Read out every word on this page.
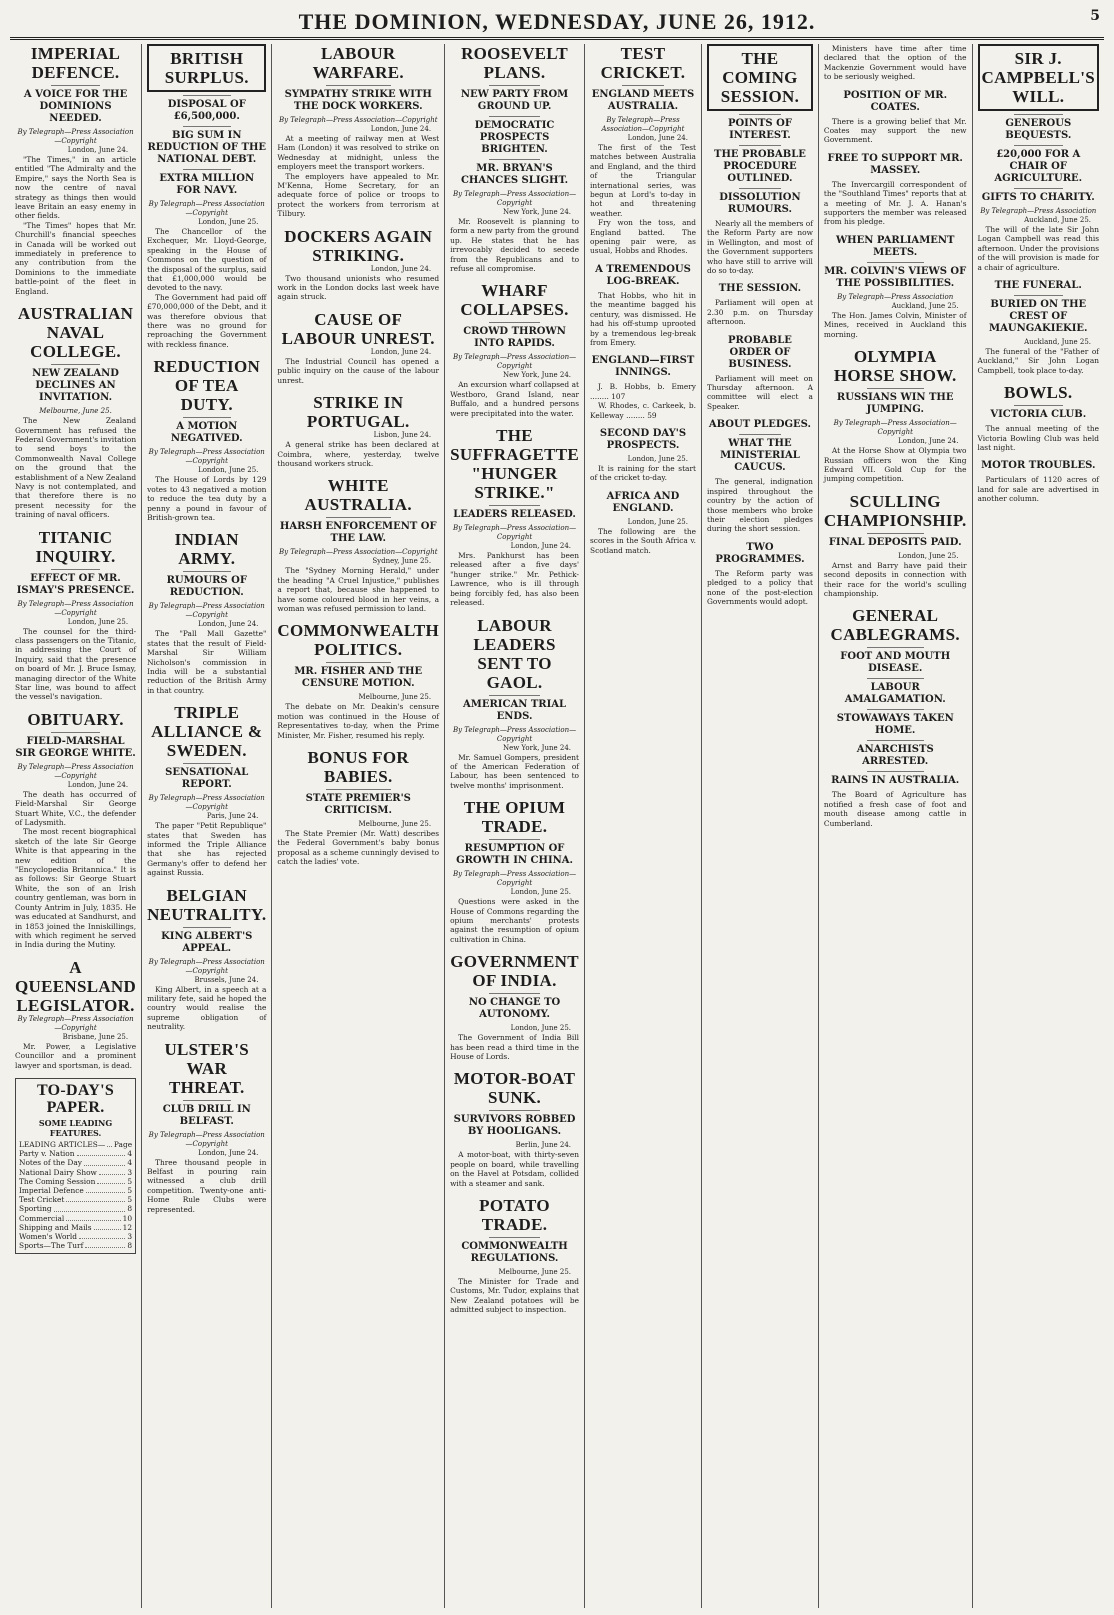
THE DOMINION, WEDNESDAY, JUNE 26, 1912.	5
IMPERIAL DEFENCE.
A VOICE FOR THE DOMINIONS NEEDED.
By Telegraph—Press Association—Copyright
London, June 24.

"The Times," in an article entitled "The Admiralty and the Empire," says the North Sea is now the centre of naval strategy as things then would leave Britain an easy enemy in other fields.

"The Times" hopes that Mr. Churchill's financial speeches in Canada will be worked out immediately in preference to any contribution from the Dominions to the immediate battle-point of the fleet in England.

AUSTRALIAN NAVAL COLLEGE.
NEW ZEALAND DECLINES AN INVITATION.
Melbourne, June 25.

The New Zealand Government has refused the Federal Government's invitation to send boys to the Commonwealth Naval College on the ground that the establishment of a New Zealand Navy is not contemplated, and that therefore there is no present necessity for the training of naval officers.

TITANIC INQUIRY.
EFFECT OF MR. ISMAY'S PRESENCE.
By Telegraph—Press Association—Copyright
London, June 25.

The counsel for the third-class passengers on the Titanic, in addressing the Court of Inquiry, said that the presence on board of Mr. J. Bruce Ismay, managing director of the White Star line, was bound to affect the vessel's navigation.

OBITUARY.
FIELD-MARSHAL SIR GEORGE WHITE.
By Telegraph—Press Association—Copyright
London, June 24.

The death has occurred of Field-Marshal Sir George Stuart White, V.C., the defender of Ladysmith.

The most recent biographical sketch of the late Sir George White is that appearing in the new edition of the "Encyclopedia Britannica." It is as follows: Sir George Stuart White, the son of an Irish country gentleman, was born in County Antrim in July, 1835. He was educated at Sandhurst, and in 1853 joined the Inniskillings, with which regiment he served in India during the Mutiny.

A QUEENSLAND LEGISLATOR.
By Telegraph—Press Association—Copyright
Brisbane, June 25.

Mr. Power, a Legislative Councillor and a prominent lawyer and sportsman, is dead.

TO-DAY'S PAPER.
SOME LEADING FEATURES.
LEADING ARTICLES— Page
Party v. Nation	4
Notes of the Day	4
National Dairy Show	3
The Coming Session	5
Imperial Defence	5
Test Cricket	5
Sporting	8
Commercial	10
Shipping and Mails	12
Women's World	3
Sports—The Turf	8
BRITISH SURPLUS.
DISPOSAL OF £6,500,000.
BIG SUM IN REDUCTION OF THE NATIONAL DEBT.
EXTRA MILLION FOR NAVY.
By Telegraph—Press Association—Copyright
London, June 25.

The Chancellor of the Exchequer, Mr. Lloyd-George, speaking in the House of Commons on the question of the disposal of the surplus, said that £1,000,000 would be devoted to the navy.

The Government had paid off £70,000,000 of the Debt, and it was therefore obvious that there was no ground for reproaching the Government with reckless finance.

REDUCTION OF TEA DUTY.
A MOTION NEGATIVED.
By Telegraph—Press Association—Copyright
London, June 25.

The House of Lords by 129 votes to 43 negatived a motion to reduce the tea duty by a penny a pound in favour of British-grown tea.

INDIAN ARMY.
RUMOURS OF REDUCTION.
By Telegraph—Press Association—Copyright
London, June 24.

The "Pall Mall Gazette" states that the result of Field-Marshal Sir William Nicholson's commission in India will be a substantial reduction of the British Army in that country.

TRIPLE ALLIANCE & SWEDEN.
SENSATIONAL REPORT.
By Telegraph—Press Association—Copyright
Paris, June 24.

The paper "Petit Republique" states that Sweden has informed the Triple Alliance that she has rejected Germany's offer to defend her against Russia.

BELGIAN NEUTRALITY.
KING ALBERT'S APPEAL.
By Telegraph—Press Association—Copyright
Brussels, June 24.

King Albert, in a speech at a military fete, said he hoped the country would realise the supreme obligation of neutrality.

ULSTER'S WAR THREAT.
CLUB DRILL IN BELFAST.
By Telegraph—Press Association—Copyright
London, June 24.

Three thousand people in Belfast in pouring rain witnessed a club drill competition. Twenty-one anti-Home Rule Clubs were represented.

LABOUR WARFARE.
SYMPATHY STRIKE WITH THE DOCK WORKERS.
By Telegraph—Press Association—Copyright
London, June 24.

At a meeting of railway men at West Ham (London) it was resolved to strike on Wednesday at midnight, unless the employers meet the transport workers.

The employers have appealed to Mr. M'Kenna, Home Secretary, for an adequate force of police or troops to protect the workers from terrorism at Tilbury.

DOCKERS AGAIN STRIKING.
London, June 24.

Two thousand unionists who resumed work in the London docks last week have again struck.

CAUSE OF LABOUR UNREST.
London, June 24.

The Industrial Council has opened a public inquiry on the cause of the labour unrest.

STRIKE IN PORTUGAL.
Lisbon, June 24.

A general strike has been declared at Coimbra, where, yesterday, twelve thousand workers struck.

WHITE AUSTRALIA.
HARSH ENFORCEMENT OF THE LAW.
By Telegraph—Press Association—Copyright
Sydney, June 25.

The "Sydney Morning Herald," under the heading "A Cruel Injustice," publishes a report that, because she happened to have some coloured blood in her veins, a woman was refused permission to land.

COMMONWEALTH POLITICS.
MR. FISHER AND THE CENSURE MOTION.
Melbourne, June 25.

The debate on Mr. Deakin's censure motion was continued in the House of Representatives to-day, when the Prime Minister, Mr. Fisher, resumed his reply.

BONUS FOR BABIES.
STATE PREMIER'S CRITICISM.
Melbourne, June 25.

The State Premier (Mr. Watt) describes the Federal Government's baby bonus proposal as a scheme cunningly devised to catch the ladies' vote.

ROOSEVELT PLANS.
NEW PARTY FROM GROUND UP.
DEMOCRATIC PROSPECTS BRIGHTEN.
MR. BRYAN'S CHANCES SLIGHT.
By Telegraph—Press Association—Copyright
New York, June 24.

Mr. Roosevelt is planning to form a new party from the ground up. He states that he has irrevocably decided to secede from the Republicans and to refuse all compromise.

WHARF COLLAPSES.
CROWD THROWN INTO RAPIDS.
By Telegraph—Press Association—Copyright
New York, June 24.

An excursion wharf collapsed at Westboro, Grand Island, near Buffalo, and a hundred persons were precipitated into the water.

THE SUFFRAGETTE "HUNGER STRIKE."
LEADERS RELEASED.
By Telegraph—Press Association—Copyright
London, June 24.

Mrs. Pankhurst has been released after a five days' "hunger strike." Mr. Pethick-Lawrence, who is ill through being forcibly fed, has also been released.

LABOUR LEADERS SENT TO GAOL.
AMERICAN TRIAL ENDS.
By Telegraph—Press Association—Copyright
New York, June 24.

Mr. Samuel Gompers, president of the American Federation of Labour, has been sentenced to twelve months' imprisonment.

THE OPIUM TRADE.
RESUMPTION OF GROWTH IN CHINA.
By Telegraph—Press Association—Copyright
London, June 25.

Questions were asked in the House of Commons regarding the opium merchants' protests against the resumption of opium cultivation in China.

GOVERNMENT OF INDIA.
NO CHANGE TO AUTONOMY.
London, June 25.

The Government of India Bill has been read a third time in the House of Lords.

MOTOR-BOAT SUNK.
SURVIVORS ROBBED BY HOOLIGANS.
Berlin, June 24.

A motor-boat, with thirty-seven people on board, while travelling on the Havel at Potsdam, collided with a steamer and sank.

POTATO TRADE.
COMMONWEALTH REGULATIONS.
Melbourne, June 25.

The Minister for Trade and Customs, Mr. Tudor, explains that New Zealand potatoes will be admitted subject to inspection.

TEST CRICKET.
ENGLAND MEETS AUSTRALIA.
By Telegraph—Press Association—Copyright
London, June 24.

The first of the Test matches between Australia and England, and the third of the Triangular international series, was begun at Lord's to-day in hot and threatening weather.

Fry won the toss, and England batted. The opening pair were, as usual, Hobbs and Rhodes.

A TREMENDOUS LOG-BREAK.

That Hobbs, who hit in the meantime bagged his century, was dismissed. He had his off-stump uprooted by a tremendous leg-break from Emery.

ENGLAND—FIRST INNINGS.

J. B. Hobbs, b. Emery ........ 107

W. Rhodes, c. Carkeek, b. Kelleway ........ 59

SECOND DAY'S PROSPECTS.
London, June 25.

It is raining for the start of the cricket to-day.

AFRICA AND ENGLAND.
London, June 25.

The following are the scores in the South Africa v. Scotland match.

THE COMING SESSION.
POINTS OF INTEREST.
THE PROBABLE PROCEDURE OUTLINED.
DISSOLUTION RUMOURS.

Nearly all the members of the Reform Party are now in Wellington, and most of the Government supporters who have still to arrive will do so to-day.

THE SESSION.

Parliament will open at 2.30 p.m. on Thursday afternoon.

PROBABLE ORDER OF BUSINESS.

Parliament will meet on Thursday afternoon. A committee will elect a Speaker.

ABOUT PLEDGES.
WHAT THE MINISTERIAL CAUCUS.

The general, indignation inspired throughout the country by the action of those members who broke their election pledges during the short session.

TWO PROGRAMMES.

The Reform party was pledged to a policy that none of the post-election Governments would adopt.

Ministers have time after time declared that the option of the Mackenzie Government would have to be seriously weighed.

POSITION OF MR. COATES.

There is a growing belief that Mr. Coates may support the new Government.

FREE TO SUPPORT MR. MASSEY.

The Invercargill correspondent of the "Southland Times" reports that at a meeting of Mr. J. A. Hanan's supporters the member was released from his pledge.

WHEN PARLIAMENT MEETS.
MR. COLVIN'S VIEWS OF THE POSSIBILITIES.
By Telegraph—Press Association
Auckland, June 25.

The Hon. James Colvin, Minister of Mines, received in Auckland this morning.

OLYMPIA HORSE SHOW.
RUSSIANS WIN THE JUMPING.
By Telegraph—Press Association—Copyright
London, June 24.

At the Horse Show at Olympia two Russian officers won the King Edward VII. Gold Cup for the jumping competition.

SCULLING CHAMPIONSHIP.
FINAL DEPOSITS PAID.
London, June 25.

Arnst and Barry have paid their second deposits in connection with their race for the world's sculling championship.

GENERAL CABLEGRAMS.
FOOT AND MOUTH DISEASE.
LABOUR AMALGAMATION.
STOWAWAYS TAKEN HOME.
ANARCHISTS ARRESTED.
RAINS IN AUSTRALIA.

The Board of Agriculture has notified a fresh case of foot and mouth disease among cattle in Cumberland.

SIR J. CAMPBELL'S WILL.
GENEROUS BEQUESTS.
£20,000 FOR A CHAIR OF AGRICULTURE.
GIFTS TO CHARITY.
By Telegraph—Press Association
Auckland, June 25.

The will of the late Sir John Logan Campbell was read this afternoon. Under the provisions of the will provision is made for a chair of agriculture.

THE FUNERAL.
BURIED ON THE CREST OF MAUNGAKIEKIE.
Auckland, June 25.

The funeral of the "Father of Auckland," Sir John Logan Campbell, took place to-day.

BOWLS.
VICTORIA CLUB.

The annual meeting of the Victoria Bowling Club was held last night.

MOTOR TROUBLES.

Particulars of 1120 acres of land for sale are advertised in another column.
